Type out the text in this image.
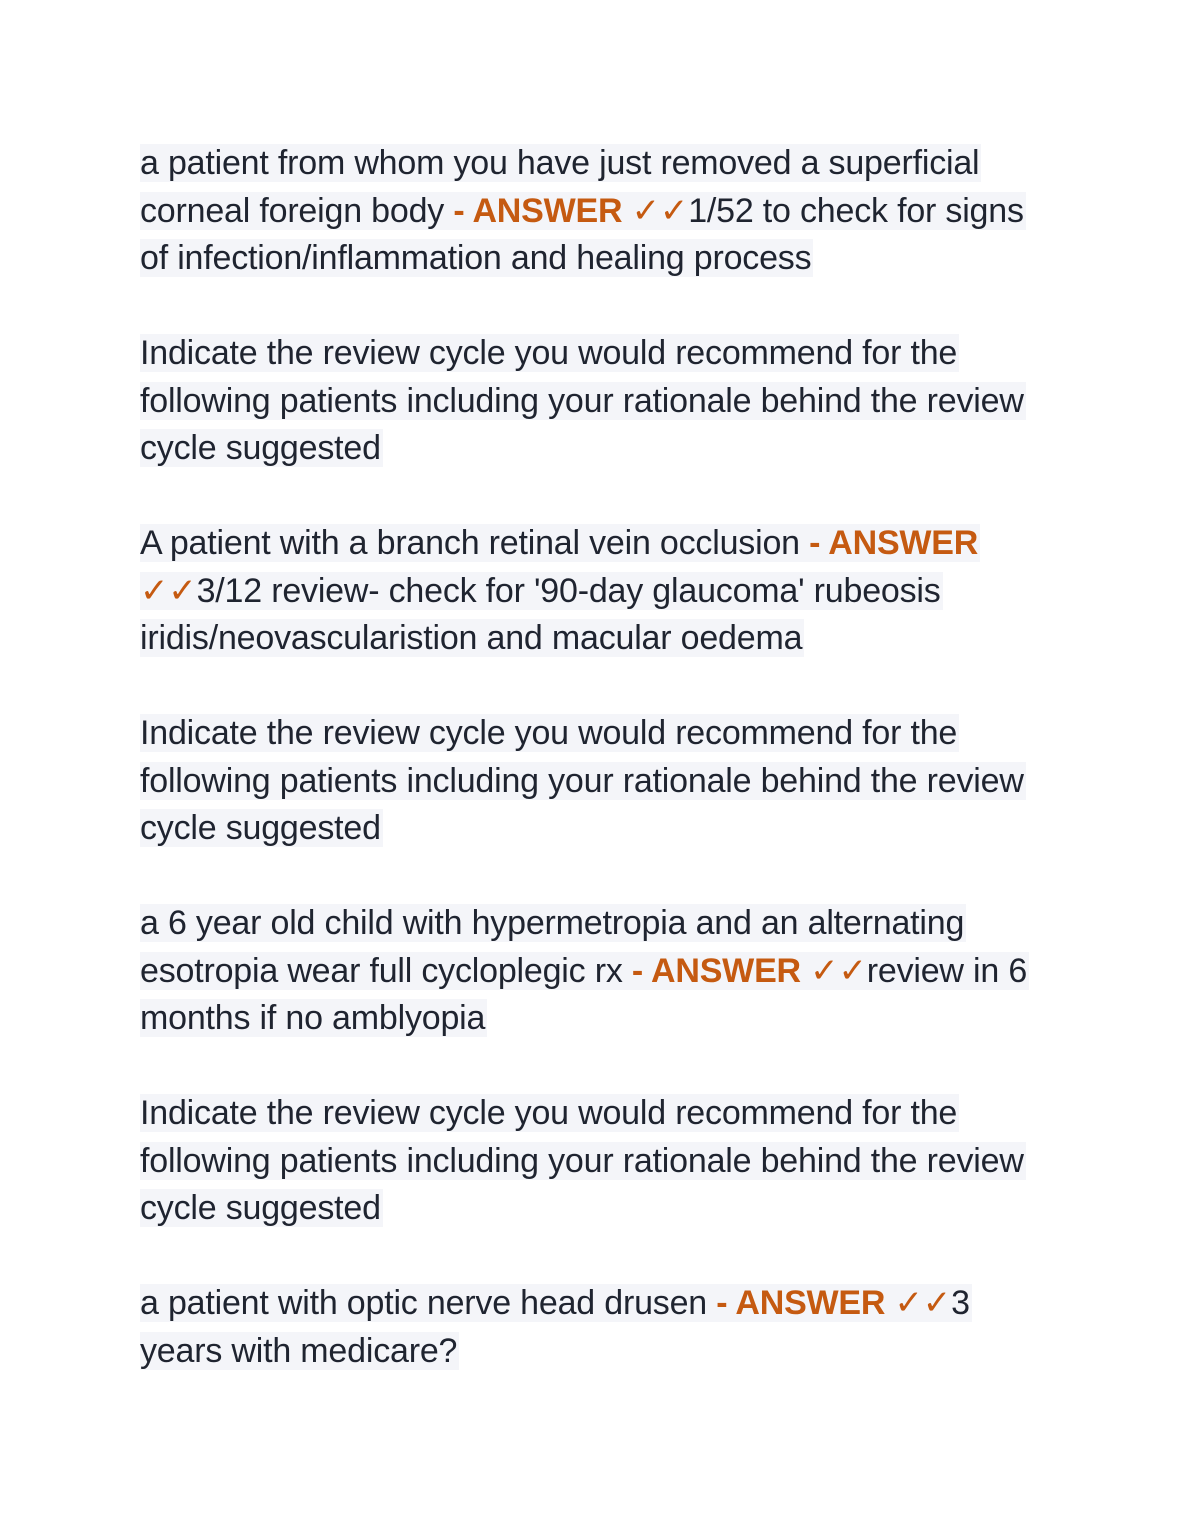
a patient from whom you have just removed a superficial corneal foreign body - ANSWER ✓✓1/52 to check for signs of infection/inflammation and healing process

Indicate the review cycle you would recommend for the following patients including your rationale behind the review cycle suggested

A patient with a branch retinal vein occlusion - ANSWER ✓✓3/12 review- check for '90-day glaucoma' rubeosis iridis/neovascularistion and macular oedema

Indicate the review cycle you would recommend for the following patients including your rationale behind the review cycle suggested

a 6 year old child with hypermetropia and an alternating esotropia wear full cycloplegic rx - ANSWER ✓✓review in 6 months if no amblyopia

Indicate the review cycle you would recommend for the following patients including your rationale behind the review cycle suggested

a patient with optic nerve head drusen - ANSWER ✓✓3 years with medicare?
